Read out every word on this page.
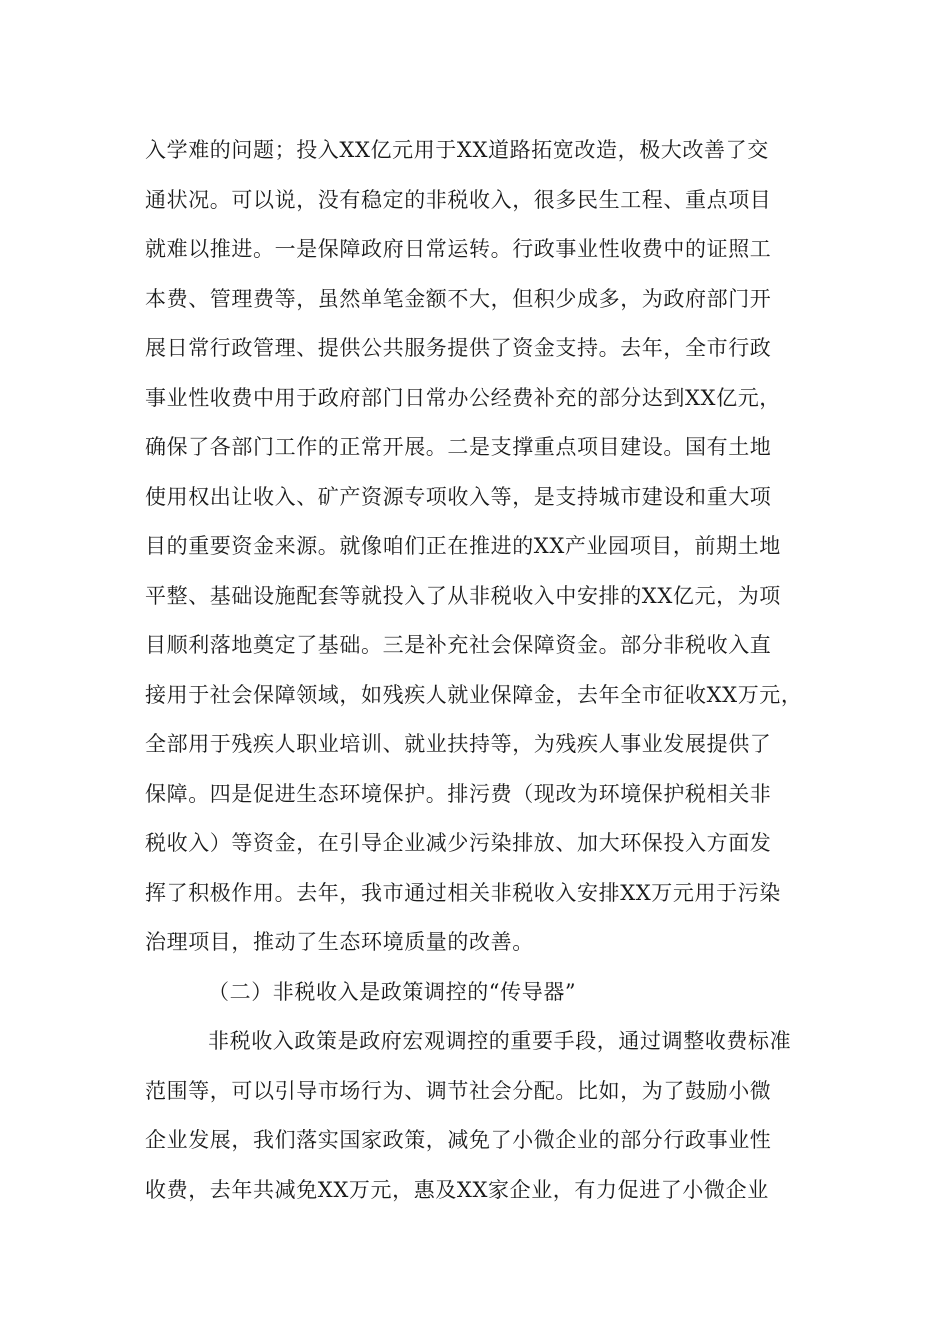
入学难的问题；投入XX亿元用于XX道路拓宽改造，极大改善了交
通状况。可以说，没有稳定的非税收入，很多民生工程、重点项目
就难以推进。一是保障政府日常运转。行政事业性收费中的证照工
本费、管理费等，虽然单笔金额不大，但积少成多，为政府部门开
展日常行政管理、提供公共服务提供了资金支持。去年，全市行政
事业性收费中用于政府部门日常办公经费补充的部分达到XX亿元，
确保了各部门工作的正常开展。二是支撑重点项目建设。国有土地
使用权出让收入、矿产资源专项收入等，是支持城市建设和重大项
目的重要资金来源。就像咱们正在推进的XX产业园项目，前期土地
平整、基础设施配套等就投入了从非税收入中安排的XX亿元，为项
目顺利落地奠定了基础。三是补充社会保障资金。部分非税收入直
接用于社会保障领域，如残疾人就业保障金，去年全市征收XX万元，
全部用于残疾人职业培训、就业扶持等，为残疾人事业发展提供了
保障。四是促进生态环境保护。排污费（现改为环境保护税相关非
税收入）等资金，在引导企业减少污染排放、加大环保投入方面发
挥了积极作用。去年，我市通过相关非税收入安排XX万元用于污染
治理项目，推动了生态环境质量的改善。
（二）非税收入是政策调控的“传导器”
非税收入政策是政府宏观调控的重要手段，通过调整收费标准
范围等，可以引导市场行为、调节社会分配。比如，为了鼓励小微
企业发展，我们落实国家政策，减免了小微企业的部分行政事业性
收费，去年共减免XX万元，惠及XX家企业，有力促进了小微企业
